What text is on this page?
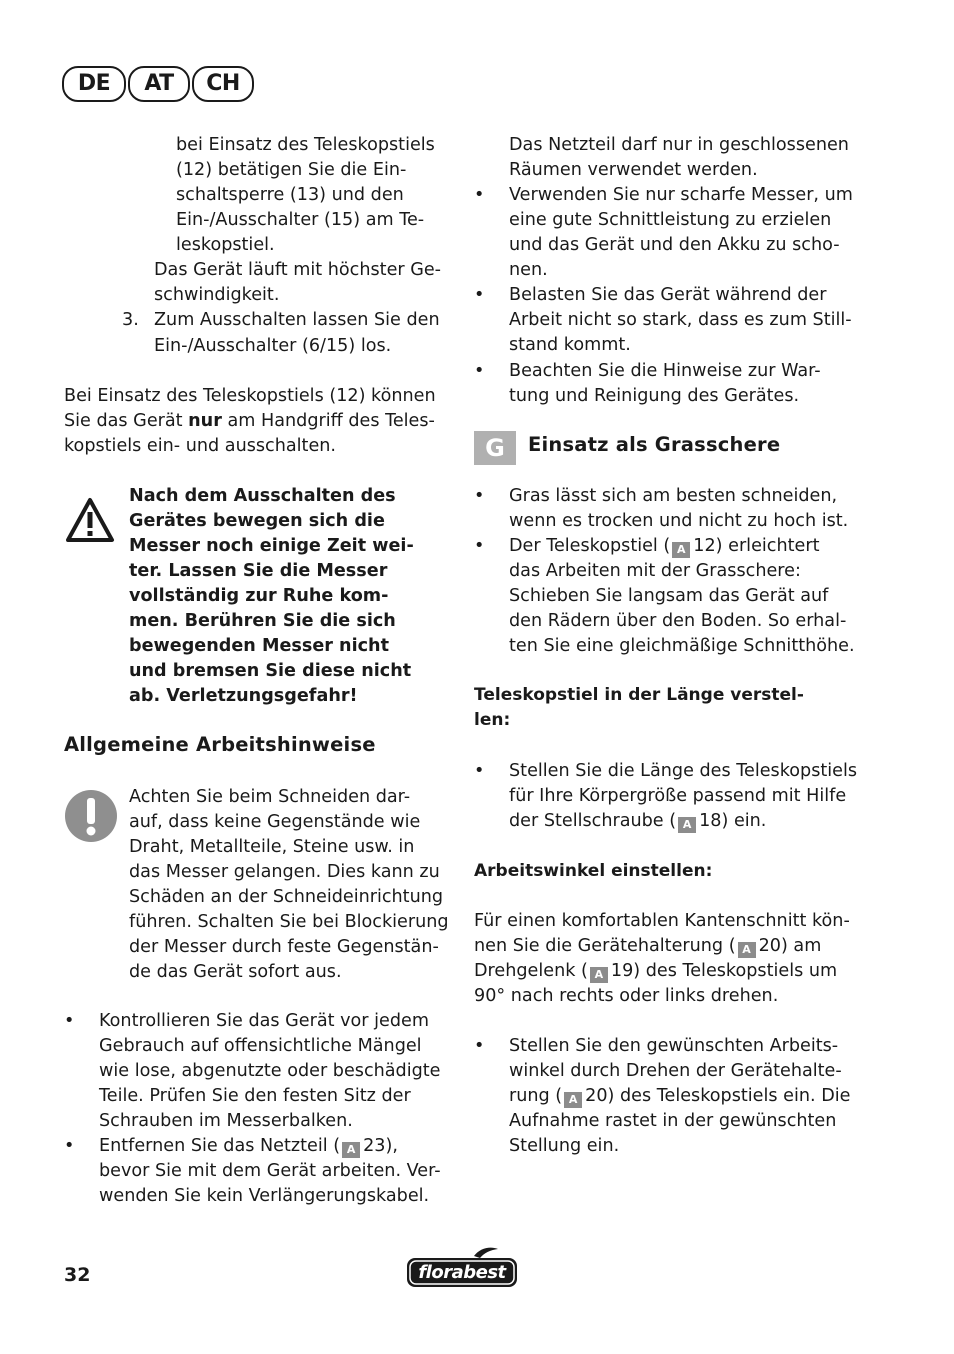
DE	AT	CH
bei Einsatz des Teleskopstiels
(12) betätigen Sie die Ein-
schaltsperre (13) und den
Ein-/Ausschalter (15) am Te-
leskopstiel.
Das Gerät läuft mit höchster Ge-
schwindigkeit.
3. Zum Ausschalten lassen Sie den
Ein-/Ausschalter (6/15) los.
Bei Einsatz des Teleskopstiels (12) können
Sie das Gerät nur am Handgriff des Teles-
kopstiels ein- und ausschalten.
Nach dem Ausschalten des
Gerätes bewegen sich die
Messer noch einige Zeit wei-
ter. Lassen Sie die Messer
vollständig zur Ruhe kom-
men. Berühren Sie die sich
bewegenden Messer nicht
und bremsen Sie diese nicht
ab. Verletzungsgefahr!
Allgemeine Arbeitshinweise
Achten Sie beim Schneiden dar-
auf, dass keine Gegenstände wie
Draht, Metallteile, Steine usw. in
das Messer gelangen. Dies kann zu
Schäden an der Schneideinrichtung
führen. Schalten Sie bei Blockierung
der Messer durch feste Gegenstän-
de das Gerät sofort aus.
• Kontrollieren Sie das Gerät vor jedem
Gebrauch auf offensichtliche Mängel
wie lose, abgenutzte oder beschädigte
Teile. Prüfen Sie den festen Sitz der
Schrauben im Messerbalken.
• Entfernen Sie das Netzteil ( A 23),
bevor Sie mit dem Gerät arbeiten. Ver-
wenden Sie kein Verlängerungskabel.
Das Netzteil darf nur in geschlossenen
Räumen verwendet werden.
• Verwenden Sie nur scharfe Messer, um
eine gute Schnittleistung zu erzielen
und das Gerät und den Akku zu scho-
nen.
• Belasten Sie das Gerät während der
Arbeit nicht so stark, dass es zum Still-
stand kommt.
• Beachten Sie die Hinweise zur War-
tung und Reinigung des Gerätes.
G	Einsatz als Grasschere
• Gras lässt sich am besten schneiden,
wenn es trocken und nicht zu hoch ist.
• Der Teleskopstiel ( A 12) erleichtert
das Arbeiten mit der Grasschere:
Schieben Sie langsam das Gerät auf
den Rädern über den Boden. So erhal-
ten Sie eine gleichmäßige Schnitthöhe.
Teleskopstiel in der Länge verstel-
len:
• Stellen Sie die Länge des Teleskopstiels
für Ihre Körpergröße passend mit Hilfe
der Stellschraube ( A 18) ein.
Arbeitswinkel einstellen:
Für einen komfortablen Kantenschnitt kön-
nen Sie die Gerätehalterung ( A 20) am
Drehgelenk ( A 19) des Teleskopstiels um
90° nach rechts oder links drehen.
• Stellen Sie den gewünschten Arbeits-
winkel durch Drehen der Gerätehalte-
rung ( A 20) des Teleskopstiels ein. Die
Aufnahme rastet in der gewünschten
Stellung ein.
32	florabest
